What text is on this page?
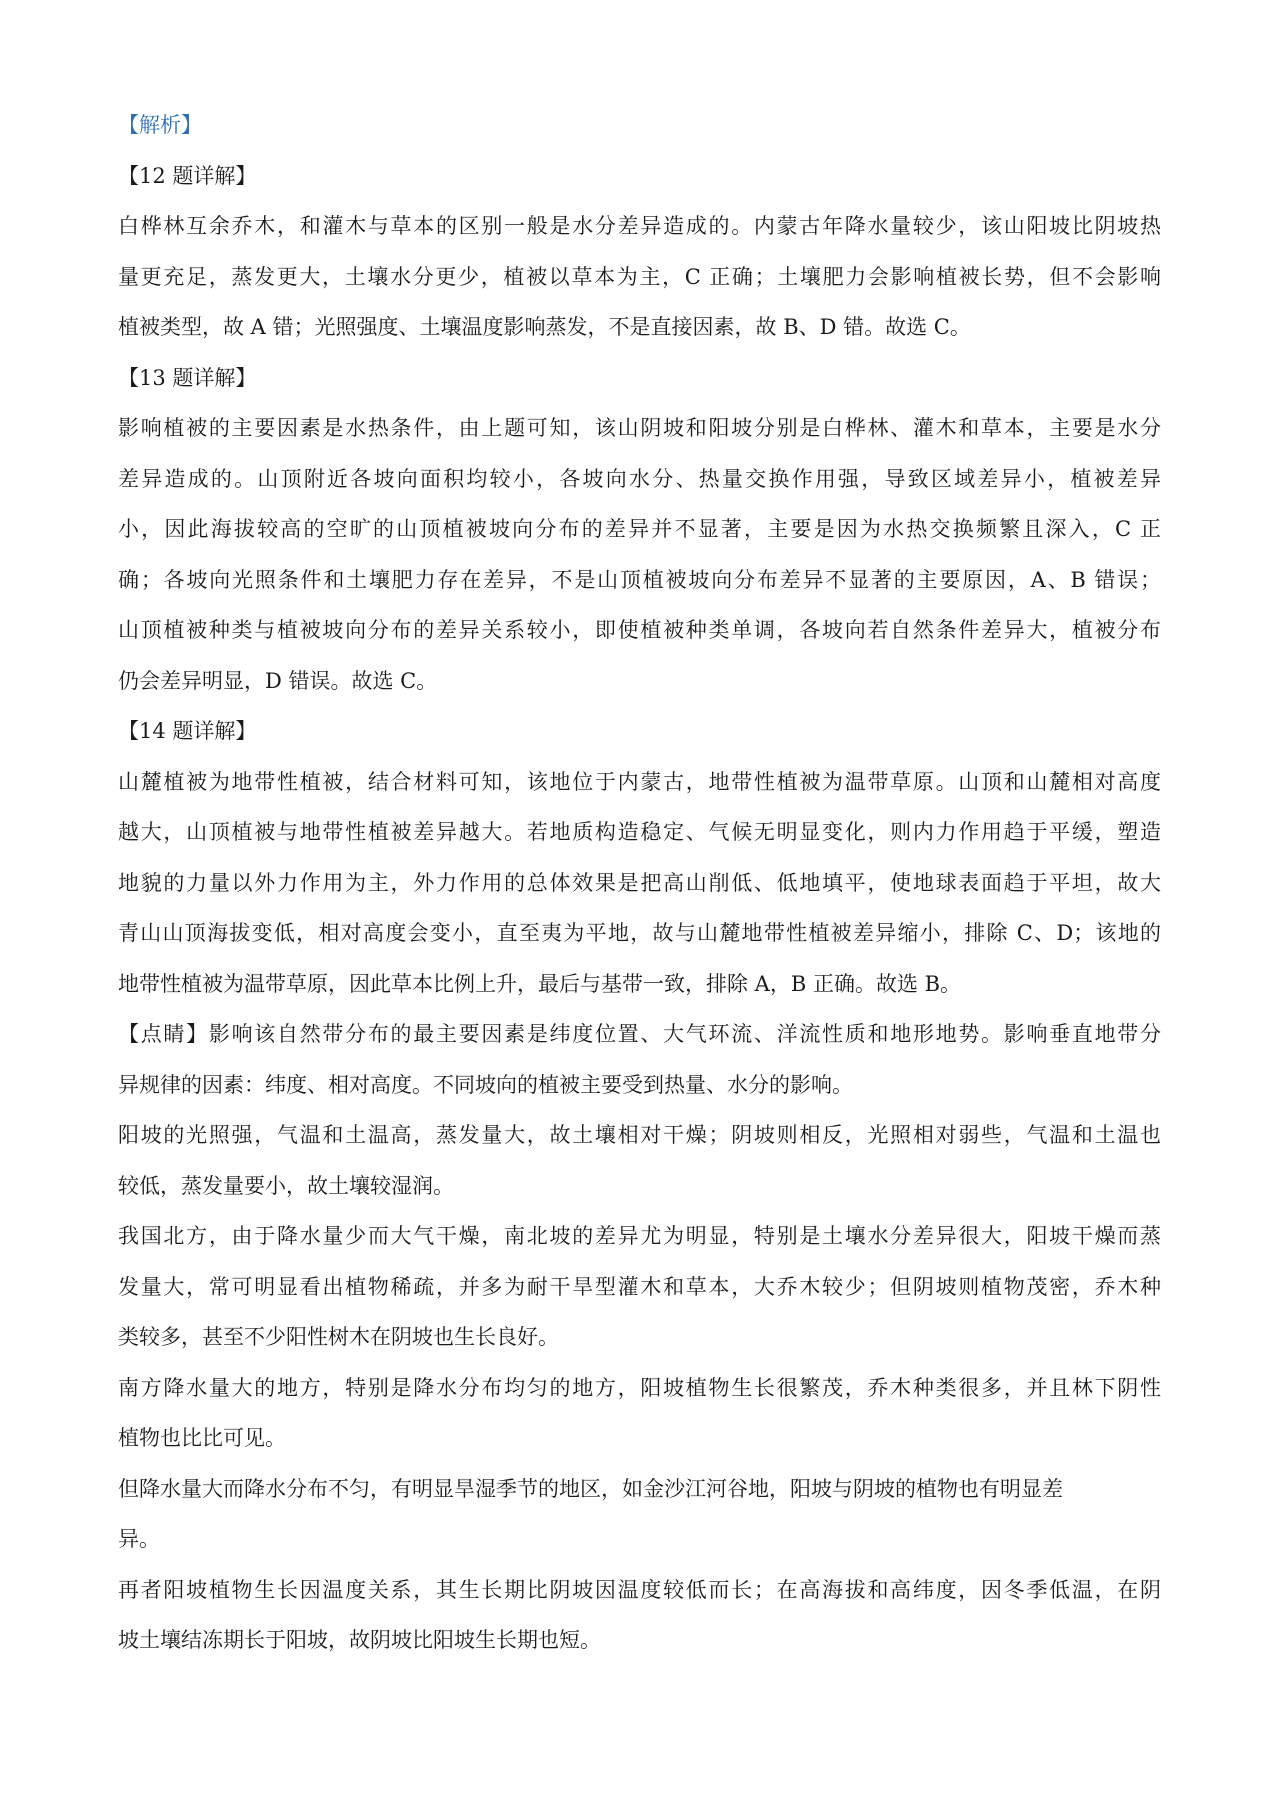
【解析】

【12 题详解】

白桦林互余乔木，和灌木与草本的区别一般是水分差异造成的。内蒙古年降水量较少，该山阳坡比阴坡热

量更充足，蒸发更大，土壤水分更少，植被以草本为主，C 正确；土壤肥力会影响植被长势，但不会影响

植被类型，故 A 错；光照强度、土壤温度影响蒸发，不是直接因素，故 B、D 错。故选 C。

【13 题详解】

影响植被的主要因素是水热条件，由上题可知，该山阴坡和阳坡分别是白桦林、灌木和草本，主要是水分

差异造成的。山顶附近各坡向面积均较小，各坡向水分、热量交换作用强，导致区域差异小，植被差异

小，因此海拔较高的空旷的山顶植被坡向分布的差异并不显著，主要是因为水热交换频繁且深入，C 正

确；各坡向光照条件和土壤肥力存在差异，不是山顶植被坡向分布差异不显著的主要原因，A、B 错误；

山顶植被种类与植被坡向分布的差异关系较小，即使植被种类单调，各坡向若自然条件差异大，植被分布

仍会差异明显，D 错误。故选 C。

【14 题详解】

山麓植被为地带性植被，结合材料可知，该地位于内蒙古，地带性植被为温带草原。山顶和山麓相对高度

越大，山顶植被与地带性植被差异越大。若地质构造稳定、气候无明显变化，则内力作用趋于平缓，塑造

地貌的力量以外力作用为主，外力作用的总体效果是把高山削低、低地填平，使地球表面趋于平坦，故大

青山山顶海拔变低，相对高度会变小，直至夷为平地，故与山麓地带性植被差异缩小，排除 C、D；该地的

地带性植被为温带草原，因此草本比例上升，最后与基带一致，排除 A，B 正确。故选 B。

【点睛】影响该自然带分布的最主要因素是纬度位置、大气环流、洋流性质和地形地势。影响垂直地带分

异规律的因素：纬度、相对高度。不同坡向的植被主要受到热量、水分的影响。

阳坡的光照强，气温和土温高，蒸发量大，故土壤相对干燥；阴坡则相反，光照相对弱些，气温和土温也

较低，蒸发量要小，故土壤较湿润。

我国北方，由于降水量少而大气干燥，南北坡的差异尤为明显，特别是土壤水分差异很大，阳坡干燥而蒸

发量大，常可明显看出植物稀疏，并多为耐干旱型灌木和草本，大乔木较少；但阴坡则植物茂密，乔木种

类较多，甚至不少阳性树木在阴坡也生长良好。

南方降水量大的地方，特别是降水分布均匀的地方，阳坡植物生长很繁茂，乔木种类很多，并且林下阴性

植物也比比可见。

但降水量大而降水分布不匀，有明显旱湿季节的地区，如金沙江河谷地，阳坡与阴坡的植物也有明显差

异。

再者阳坡植物生长因温度关系，其生长期比阴坡因温度较低而长；在高海拔和高纬度，因冬季低温，在阴

坡土壤结冻期长于阳坡，故阴坡比阳坡生长期也短。
